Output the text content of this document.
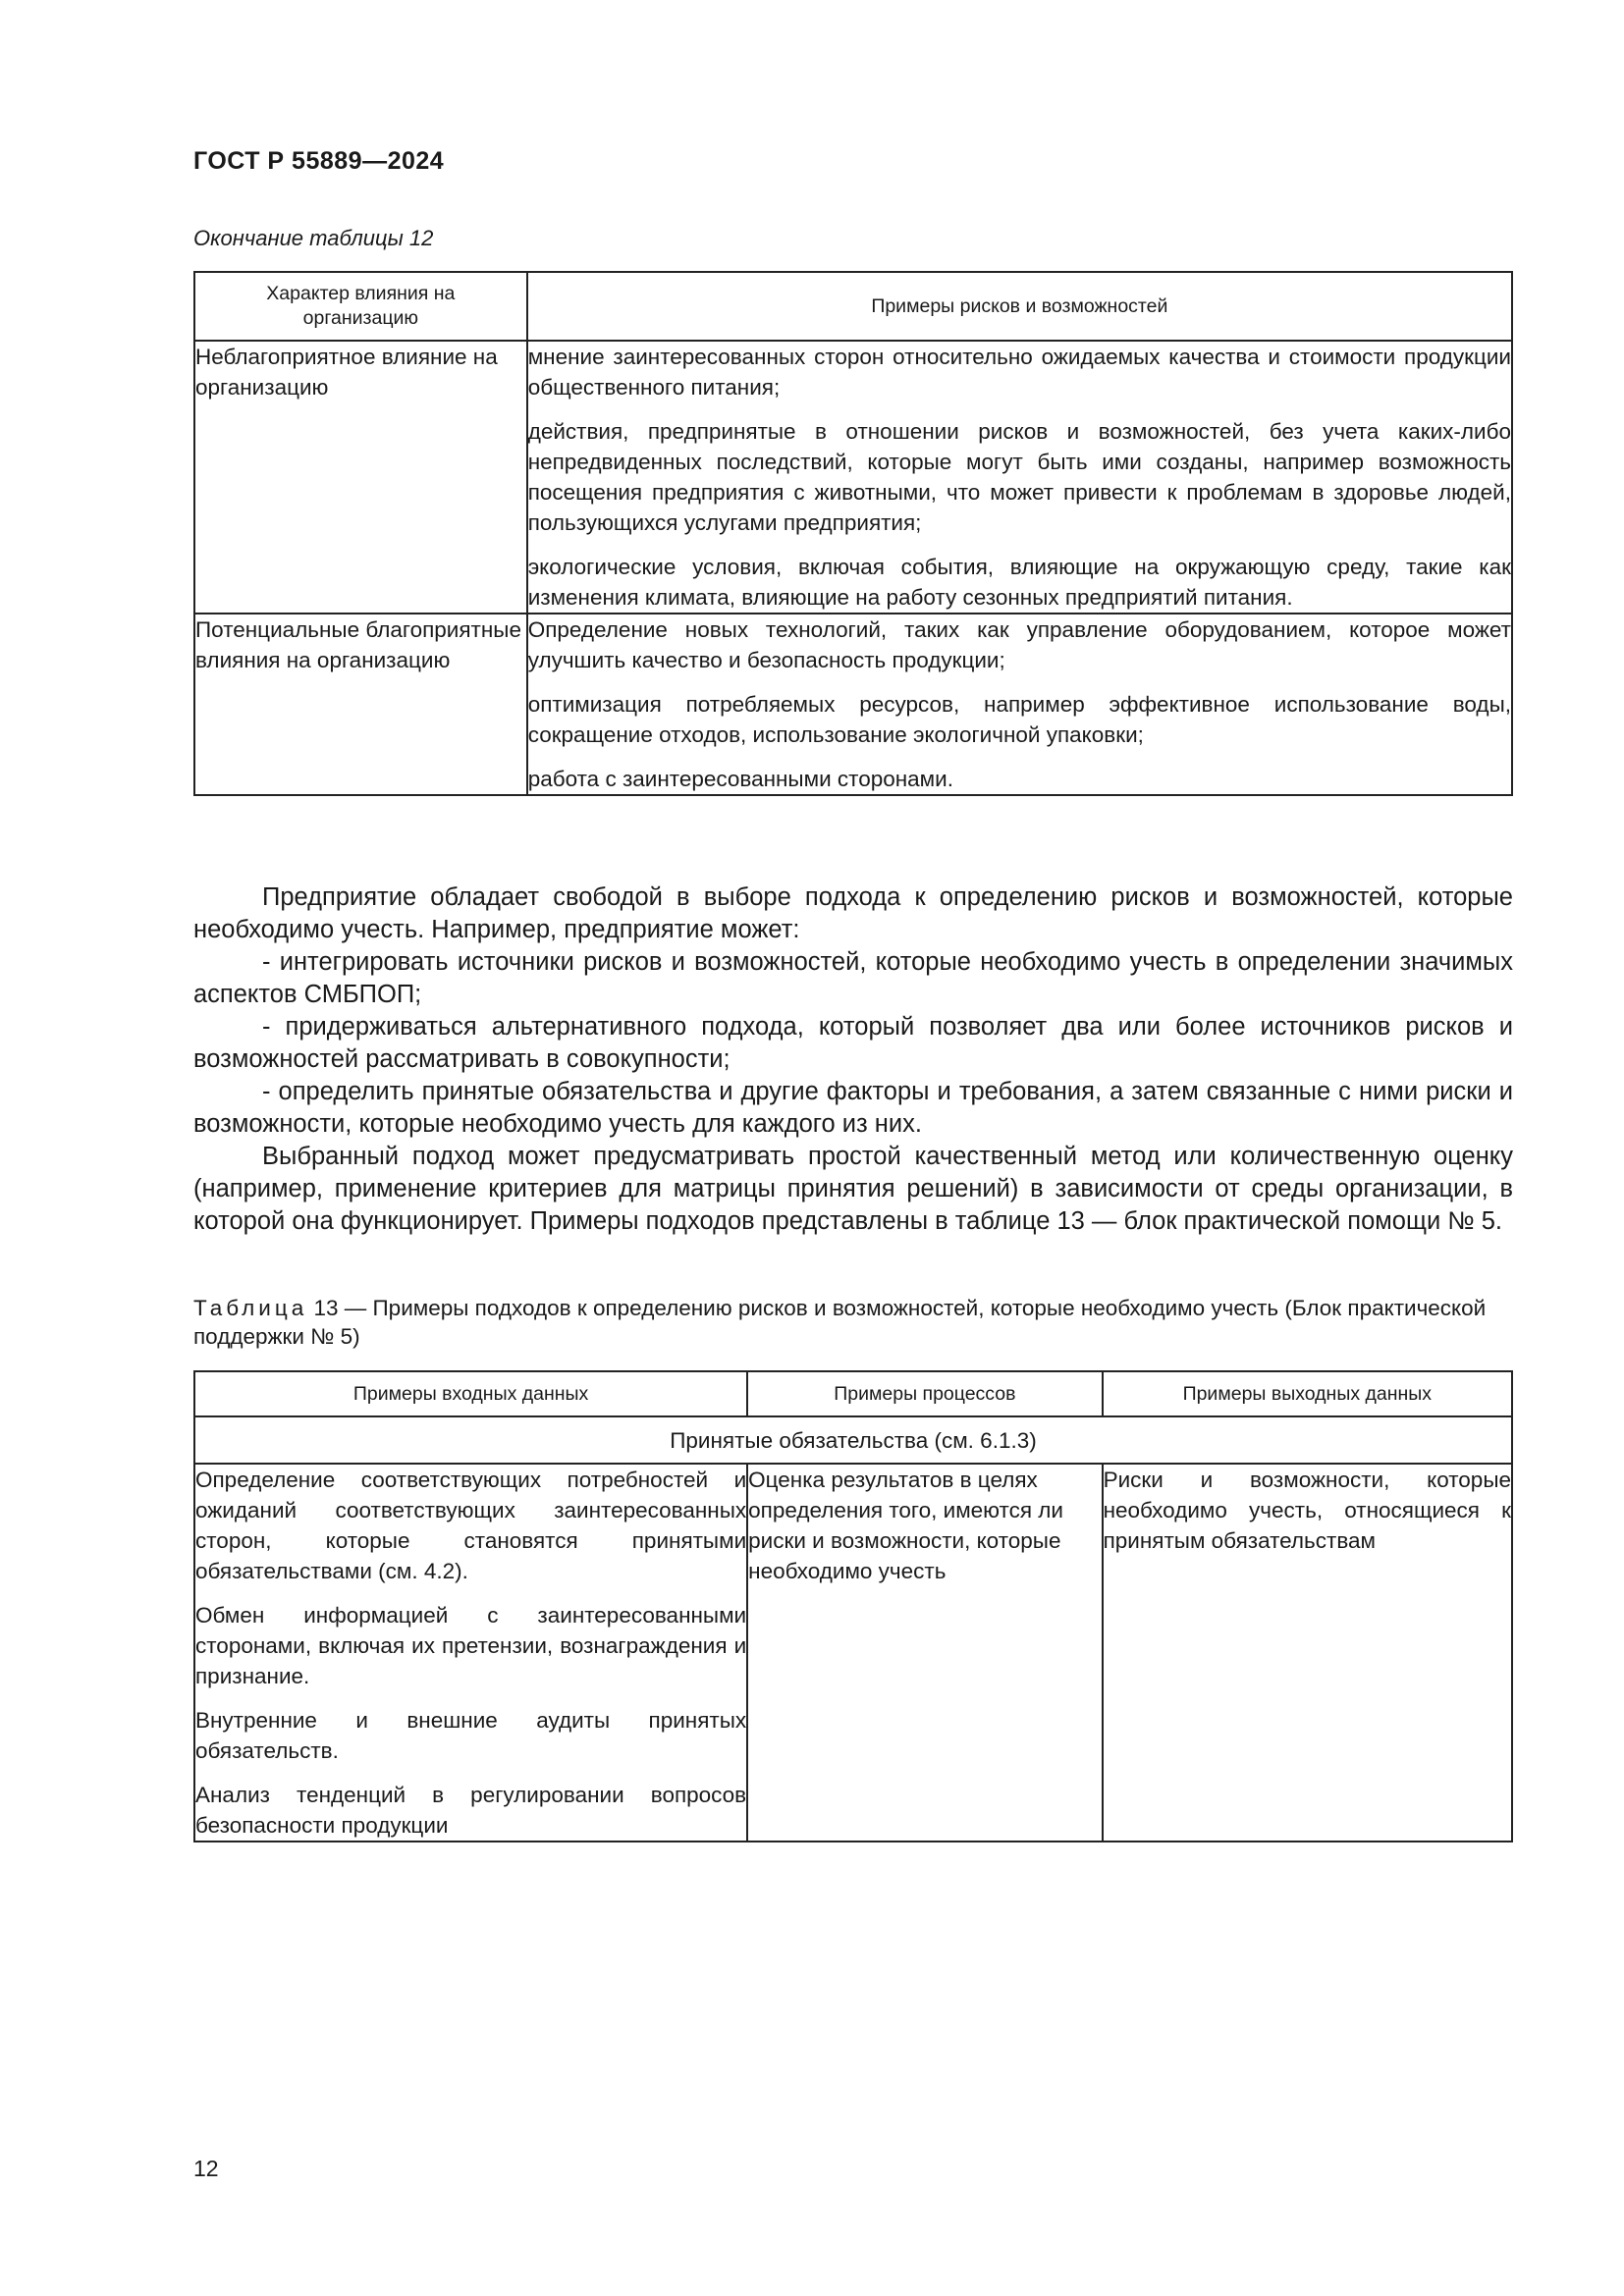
ГОСТ Р 55889—2024
Окончание таблицы 12
Характер влияния на организацию	Примеры рисков и возможностей
Неблагоприятное влияние на организацию	мнение заинтересованных сторон относительно ожидаемых качества и стоимости продукции общественного питания;

действия, предпринятые в отношении рисков и возможностей, без учета каких-либо непредвиденных последствий, которые могут быть ими созданы, например возможность посещения предприятия с животными, что может привести к проблемам в здоровье людей, пользующихся услугами предприятия;

экологические условия, включая события, влияющие на окружающую среду, такие как изменения климата, влияющие на работу сезонных предприятий питания.

Потенциальные благоприятные влияния на организацию	Определение новых технологий, таких как управление оборудованием, которое может улучшить качество и безопасность продукции;

оптимизация потребляемых ресурсов, например эффективное использование воды, сокращение отходов, использование экологичной упаковки;

работа с заинтересованными сторонами.

Предприятие обладает свободой в выборе подхода к определению рисков и возможностей, которые необходимо учесть. Например, предприятие может:

- интегрировать источники рисков и возможностей, которые необходимо учесть в определении значимых аспектов СМБПОП;

- придерживаться альтернативного подхода, который позволяет два или более источников рисков и возможностей рассматривать в совокупности;

- определить принятые обязательства и другие факторы и требования, а затем связанные с ними риски и возможности, которые необходимо учесть для каждого из них.

Выбранный подход может предусматривать простой качественный метод или количественную оценку (например, применение критериев для матрицы принятия решений) в зависимости от среды организации, в которой она функционирует. Примеры подходов представлены в таблице 13 — блок практической помощи № 5.

Таблица 13 — Примеры подходов к определению рисков и возможностей, которые необходимо учесть (Блок практической поддержки № 5)
Примеры входных данных	Примеры процессов	Примеры выходных данных
Принятые обязательства (см. 6.1.3)		

Определение соответствующих потребностей и ожиданий соответствующих заинтересованных сторон, которые становятся принятыми обязательствами (см. 4.2).

Обмен информацией с заинтересованными сторонами, включая их претензии, вознаграждения и признание.

Внутренние и внешние аудиты принятых обязательств.

Анализ тенденций в регулировании вопросов безопасности продукции	Оценка результатов в целях определения того, имеются ли риски и возможности, которые необходимо учесть	Риски и возможности, которые необходимо учесть, относящиеся к принятым обязательствам

12
